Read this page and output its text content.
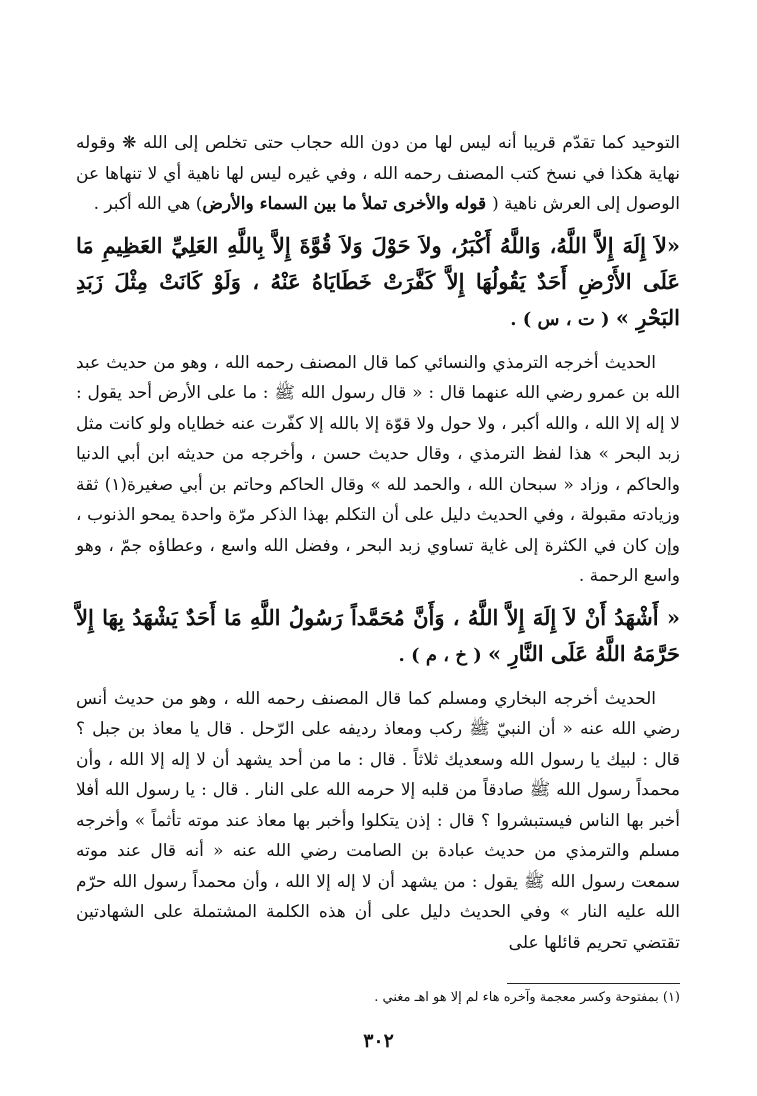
التوحيد كما تقدّم قريبا أنه ليس لها من دون الله حجاب حتى تخلص إلى الله ❋ وقوله نهاية هكذا في نسخ كتب المصنف رحمه الله ، وفي غيره ليس لها ناهية أي لا تنهاها عن الوصول إلى العرش ناهية ( قوله والأخرى تملأ ما بين السماء والأرض) هي الله أكبر .

«لاَ إِلَهَ إِلاَّ اللَّهُ، وَاللَّهُ أَكْبَرُ، ولاَ حَوْلَ وَلاَ قُوَّةَ إِلاَّ بِاللَّهِ العَلِيِّ العَظِيمِ مَا عَلَى الأَرْضِ أَحَدٌ يَقُولُهَا إِلاَّ كَفَّرَتْ خَطَايَاهُ عَنْهُ ، وَلَوْ كَانَتْ مِثْلَ زَبَدِ البَحْرِ » ( ت ، س ) .

الحديث أخرجه الترمذي والنسائي كما قال المصنف رحمه الله ، وهو من حديث عبد الله بن عمرو رضي الله عنهما قال : « قال رسول الله ﷺ : ما على الأرض أحد يقول : لا إله إلا الله ، والله أكبر ، ولا حول ولا قوّة إلا بالله إلا كفّرت عنه خطاياه ولو كانت مثل زبد البحر » هذا لفظ الترمذي ، وقال حديث حسن ، وأخرجه من حديثه ابن أبي الدنيا والحاكم ، وزاد « سبحان الله ، والحمد لله » وقال الحاكم وحاتم بن أبي صغيرة(١) ثقة وزيادته مقبولة ، وفي الحديث دليل على أن التكلم بهذا الذكر مرّة واحدة يمحو الذنوب ، وإن كان في الكثرة إلى غاية تساوي زبد البحر ، وفضل الله واسع ، وعطاؤه جمّ ، وهو واسع الرحمة .

« أَشْهَدُ أَنْ لاَ إِلَهَ إِلاَّ اللَّهُ ، وَأَنَّ مُحَمَّداً رَسُولُ اللَّهِ مَا أَحَدٌ يَشْهَدُ بِهَا إِلاَّ حَرَّمَهُ اللَّهُ عَلَى النَّارِ » ( خ ، م ) .

الحديث أخرجه البخاري ومسلم كما قال المصنف رحمه الله ، وهو من حديث أنس رضي الله عنه « أن النبيّ ﷺ ركب ومعاذ رديفه على الرّحل . قال يا معاذ بن جبل ؟ قال : لبيك يا رسول الله وسعديك ثلاثاً . قال : ما من أحد يشهد أن لا إله إلا الله ، وأن محمداً رسول الله ﷺ صادقاً من قلبه إلا حرمه الله على النار . قال : يا رسول الله أفلا أخبر بها الناس فيستبشروا ؟ قال : إذن يتكلوا وأخبر بها معاذ عند موته تأثماً » وأخرجه مسلم والترمذي من حديث عبادة بن الصامت رضي الله عنه « أنه قال عند موته سمعت رسول الله ﷺ يقول : من يشهد أن لا إله إلا الله ، وأن محمداً رسول الله حرّم الله عليه النار » وفي الحديث دليل على أن هذه الكلمة المشتملة على الشهادتين تقتضي تحريم قائلها على

(١) بمفتوحة وكسر معجمة وآخره هاء لم إلا هو اهـ مغني .
٣٠٢
